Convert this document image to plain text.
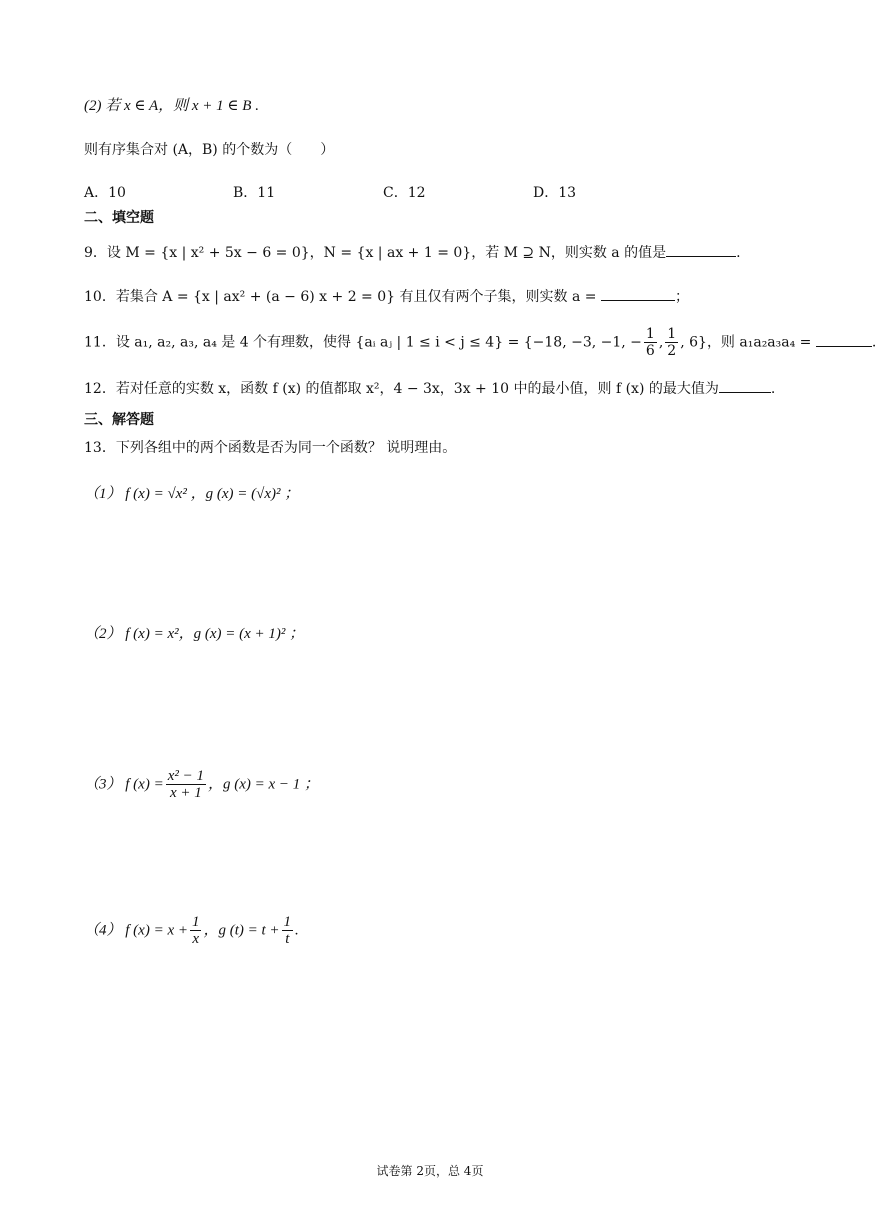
(2) 若 x ∈ A，则 x + 1 ∈ B .
则有序集合对 (A，B) 的个数为（　　）
A．10	B．11	C．12	D．13
二、填空题
9．设 M = {x | x² + 5x − 6 = 0}，N = {x | ax + 1 = 0}，若 M ⊇ N，则实数 a 的值是	.
10．若集合 A = {x | ax² + (a − 6) x + 2 = 0} 有且仅有两个子集，则实数 a =	；
11．设 a₁, a₂, a₃, a₄ 是 4 个有理数，使得 {aᵢ aⱼ | 1 ≤ i < j ≤ 4} = {−18, −3, −1, − $\frac{1}{6}$ , $\frac{1}{2}$ , 6}，则 a₁a₂a₃a₄ =	.
12．若对任意的实数 x，函数 f (x) 的值都取 x²，4 − 3x，3x + 10 中的最小值，则 f (x) 的最大值为	.
三、解答题
13．下列各组中的两个函数是否为同一个函数？ 说明理由。
（1） f (x) = √x² ，g (x) = (√x)² ；
（2） f (x) = x²，g (x) = (x + 1)² ；
（3） f $(x) = \frac{\text{x² − 1}}{x + 1}$ ，g (x) = x − 1 ；
（4） f $(x) = x + \frac{1}{x}$ ，g $(t) = t + \frac{1}{t}$ .
试卷第 2页，总 4页
